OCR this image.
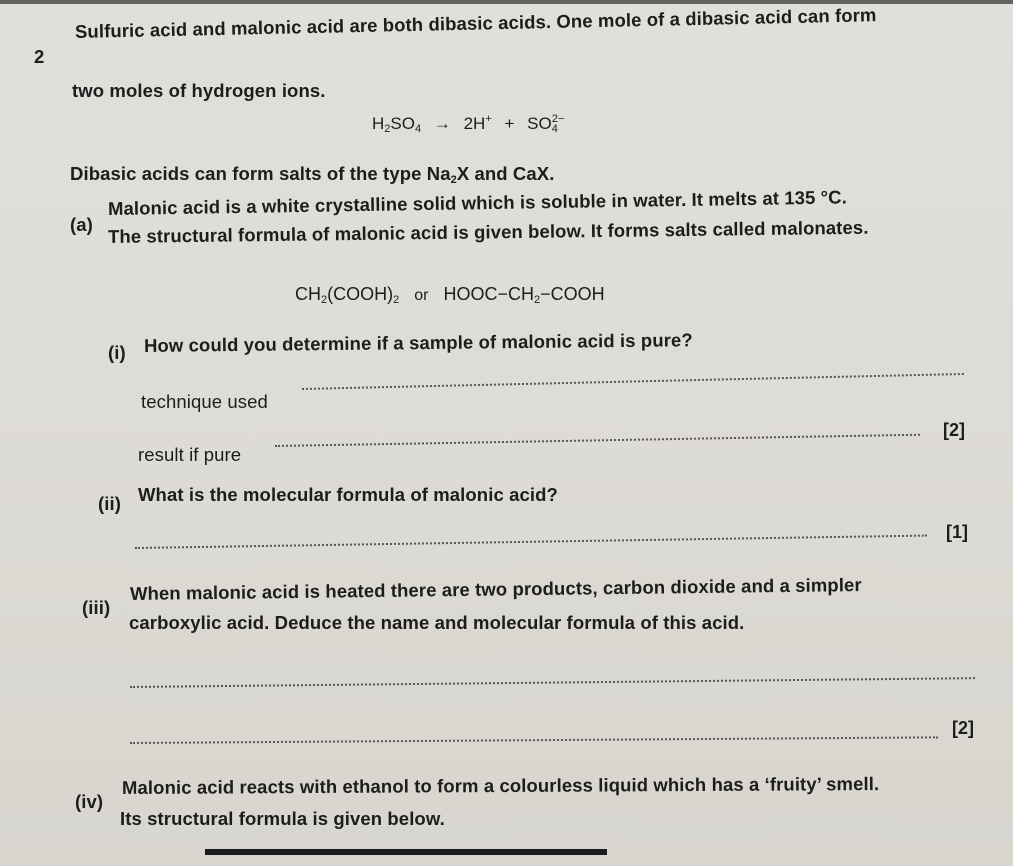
2
Sulfuric acid and malonic acid are both dibasic acids. One mole of a dibasic acid can form
two moles of hydrogen ions.
$H_2SO_4 \to 2H^+ + SO_4^{2-}$
Dibasic acids can form salts of the type $Na_2X$ and CaX.
(a)
Malonic acid is a white crystalline solid which is soluble in water. It melts at 135 °C.
The structural formula of malonic acid is given below. It forms salts called malonates.
$CH_2(COOH)_2$ or $HOOC-CH_2-COOH$
(i) How could you determine if a sample of malonic acid is pure?
technique used
result if pure
[2]
(ii) What is the molecular formula of malonic acid?
[1]
(iii)
When malonic acid is heated there are two products, carbon dioxide and a simpler
carboxylic acid. Deduce the name and molecular formula of this acid.
[2]
(iv)
Malonic acid reacts with ethanol to form a colourless liquid which has a ‘fruity’ smell.
Its structural formula is given below.
